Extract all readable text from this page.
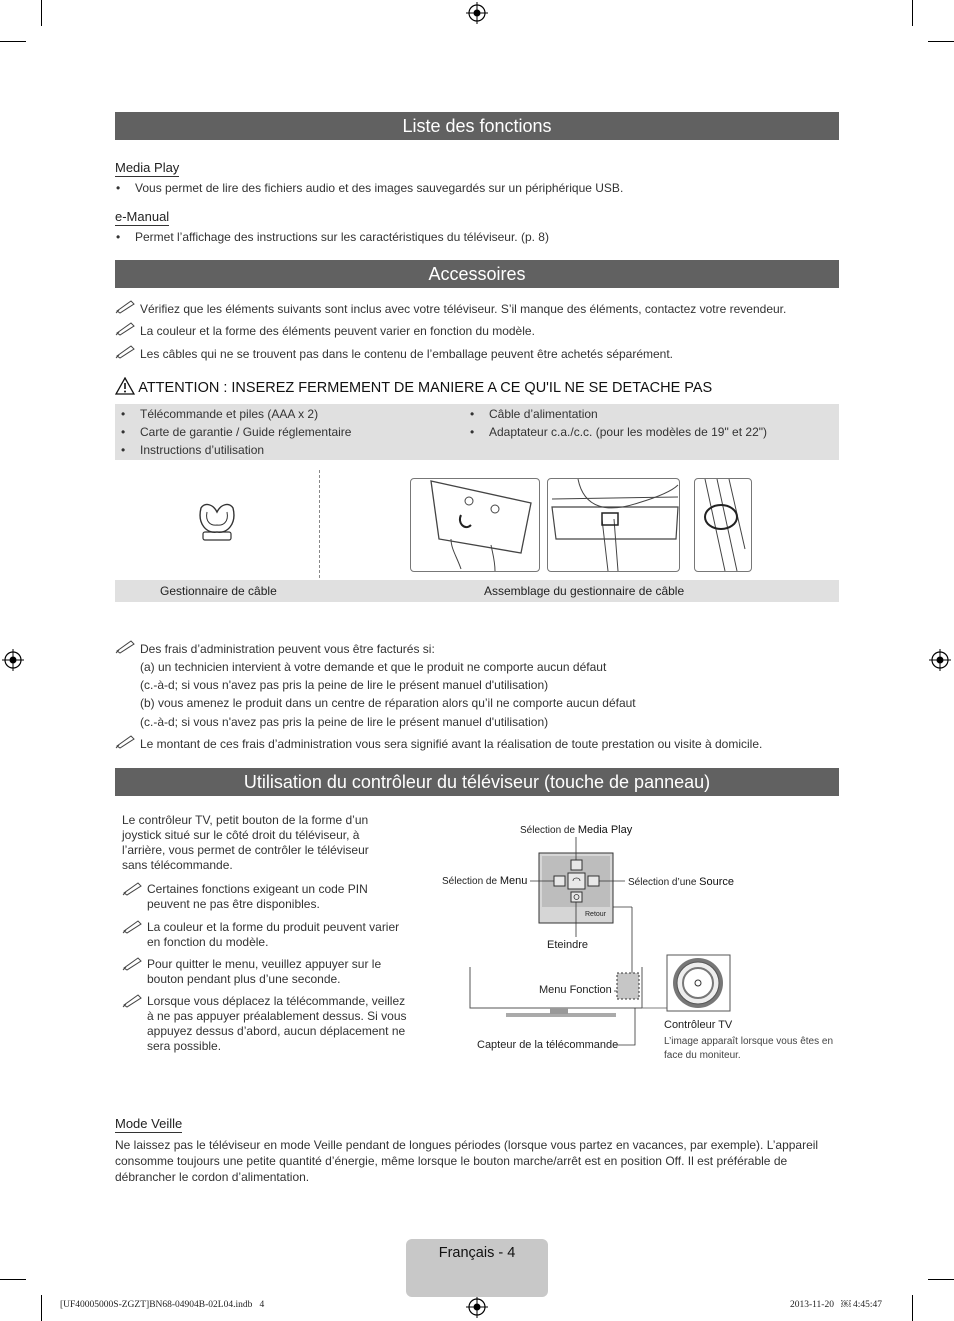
Liste des fonctions
Media Play
• Vous permet de lire des fichiers audio et des images sauvegardés sur un périphérique USB.
e-Manual
• Permet l’affichage des instructions sur les caractéristiques du téléviseur. (p. 8)
Accessoires
Vérifiez que les éléments suivants sont inclus avec votre téléviseur. S’il manque des éléments, contactez votre revendeur.
La couleur et la forme des éléments peuvent varier en fonction du modèle.
Les câbles qui ne se trouvent pas dans le contenu de l’emballage peuvent être achetés séparément.
ATTENTION : INSEREZ FERMEMENT DE MANIERE A CE QU'IL NE SE DETACHE PAS
• Télécommande et piles (AAA x 2)
• Carte de garantie / Guide réglementaire
• Instructions d’utilisation
• Câble d’alimentation
• Adaptateur c.a./c.c. (pour les modèles de 19" et 22")
Gestionnaire de câble	Assemblage du gestionnaire de câble
Des frais d’administration peuvent vous être facturés si:
(a) un technicien intervient à votre demande et que le produit ne comporte aucun défaut
(c.-à-d; si vous n'avez pas pris la peine de lire le présent manuel d'utilisation)
(b) vous amenez le produit dans un centre de réparation alors qu’il ne comporte aucun défaut
(c.-à-d; si vous n'avez pas pris la peine de lire le présent manuel d'utilisation)
Le montant de ces frais d’administration vous sera signifié avant la réalisation de toute prestation ou visite à domicile.
Utilisation du contrôleur du téléviseur (touche de panneau)
Le contrôleur TV, petit bouton de la forme d’un joystick situé sur le côté droit du téléviseur, à l’arrière, vous permet de contrôler le téléviseur sans télécommande.
Certaines fonctions exigeant un code PIN peuvent ne pas être disponibles.
La couleur et la forme du produit peuvent varier en fonction du modèle.
Pour quitter le menu, veuillez appuyer sur le bouton pendant plus d’une seconde.
Lorsque vous déplacez la télécommande, veillez à ne pas appuyer préalablement dessus. Si vous appuyez dessus d’abord, aucun déplacement ne sera possible.
Sélection de Media Play
Sélection de Menu	Sélection d’une Source
Retour
Eteindre
Menu Fonction
Capteur de la télécommande
Contrôleur TV
L’image apparaît lorsque vous êtes en face du moniteur.
Mode Veille
Ne laissez pas le téléviseur en mode Veille pendant de longues périodes (lorsque vous partez en vacances, par exemple). L’appareil consomme toujours une petite quantité d’énergie, même lorsque le bouton marche/arrêt est en position Off. Il est préférable de débrancher le cordon d’alimentation.
Français - 4
[UF40005000S-ZGZT]BN68-04904B-02L04.indb   4	2013-11-20   ￼ 4:45:47
